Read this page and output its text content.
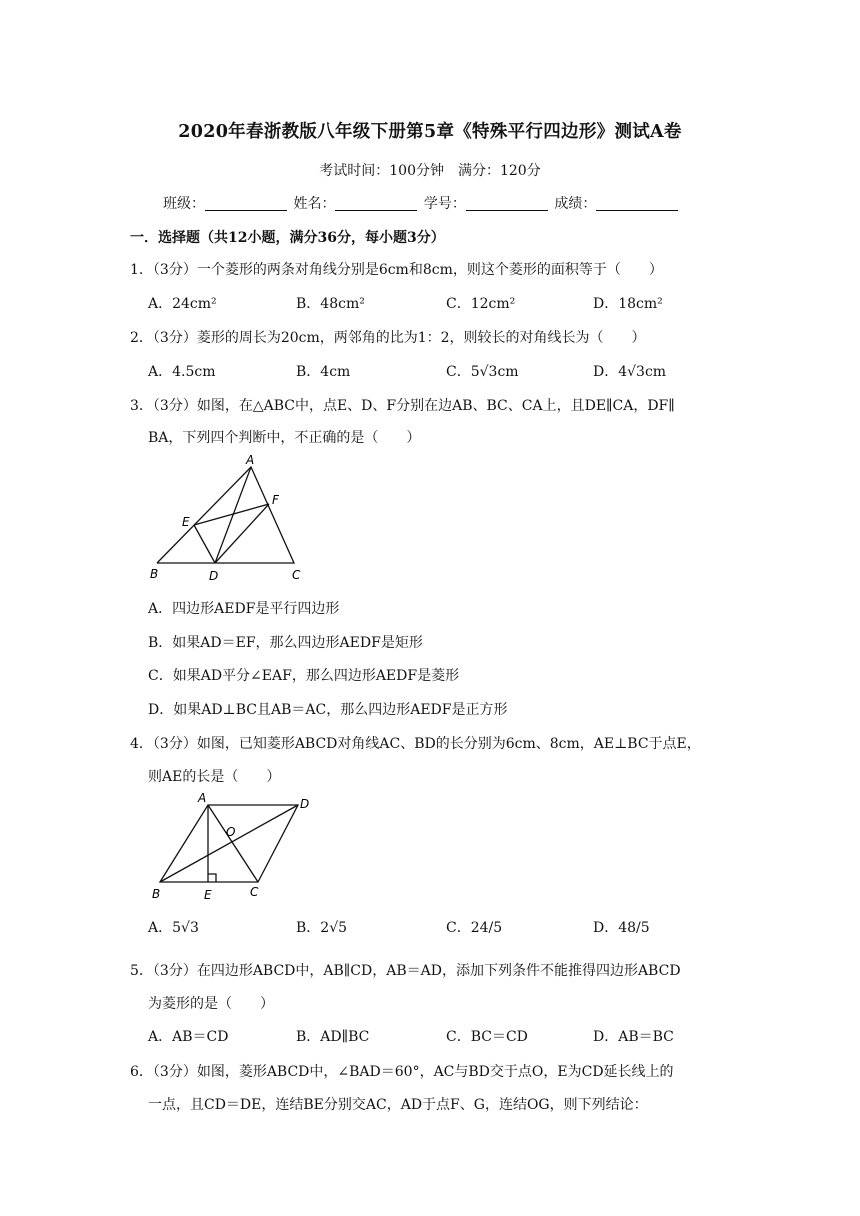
2020年春浙教版八年级下册第5章《特殊平行四边形》测试A卷
考试时间：100分钟　满分：120分
班级：	姓名：	学号：	成绩：
一．选择题（共12小题，满分36分，每小题3分）
1．（3分）一个菱形的两条对角线分别是6cm和8cm，则这个菱形的面积等于（　　）
A．24cm²	B．48cm²	C．12cm²	D．18cm²
2．（3分）菱形的周长为20cm，两邻角的比为1：2，则较长的对角线长为（　　）
A．4.5cm	B．4cm	C．5√3cm	D．4√3cm
3．（3分）如图，在△ABC中，点E、D、F分别在边AB、BC、CA上，且DE∥CA，DF∥
BA，下列四个判断中，不正确的是（　　）
A
E
F
B	D	C
A．四边形AEDF是平行四边形
B．如果AD＝EF，那么四边形AEDF是矩形
C．如果AD平分∠EAF，那么四边形AEDF是菱形
D．如果AD⊥BC且AB＝AC，那么四边形AEDF是正方形
4．（3分）如图，已知菱形ABCD对角线AC、BD的长分别为6cm、8cm，AE⊥BC于点E，
则AE的长是（　　）
A	D
O
B	E	C
A．5√3	B．2√5	C．24/5	D．48/5
5．（3分）在四边形ABCD中，AB∥CD，AB＝AD，添加下列条件不能推得四边形ABCD
为菱形的是（　　）
A．AB＝CD	B．AD∥BC	C．BC＝CD	D．AB＝BC
6．（3分）如图，菱形ABCD中，∠BAD＝60°，AC与BD交于点O，E为CD延长线上的
一点，且CD＝DE，连结BE分别交AC，AD于点F、G，连结OG，则下列结论：
